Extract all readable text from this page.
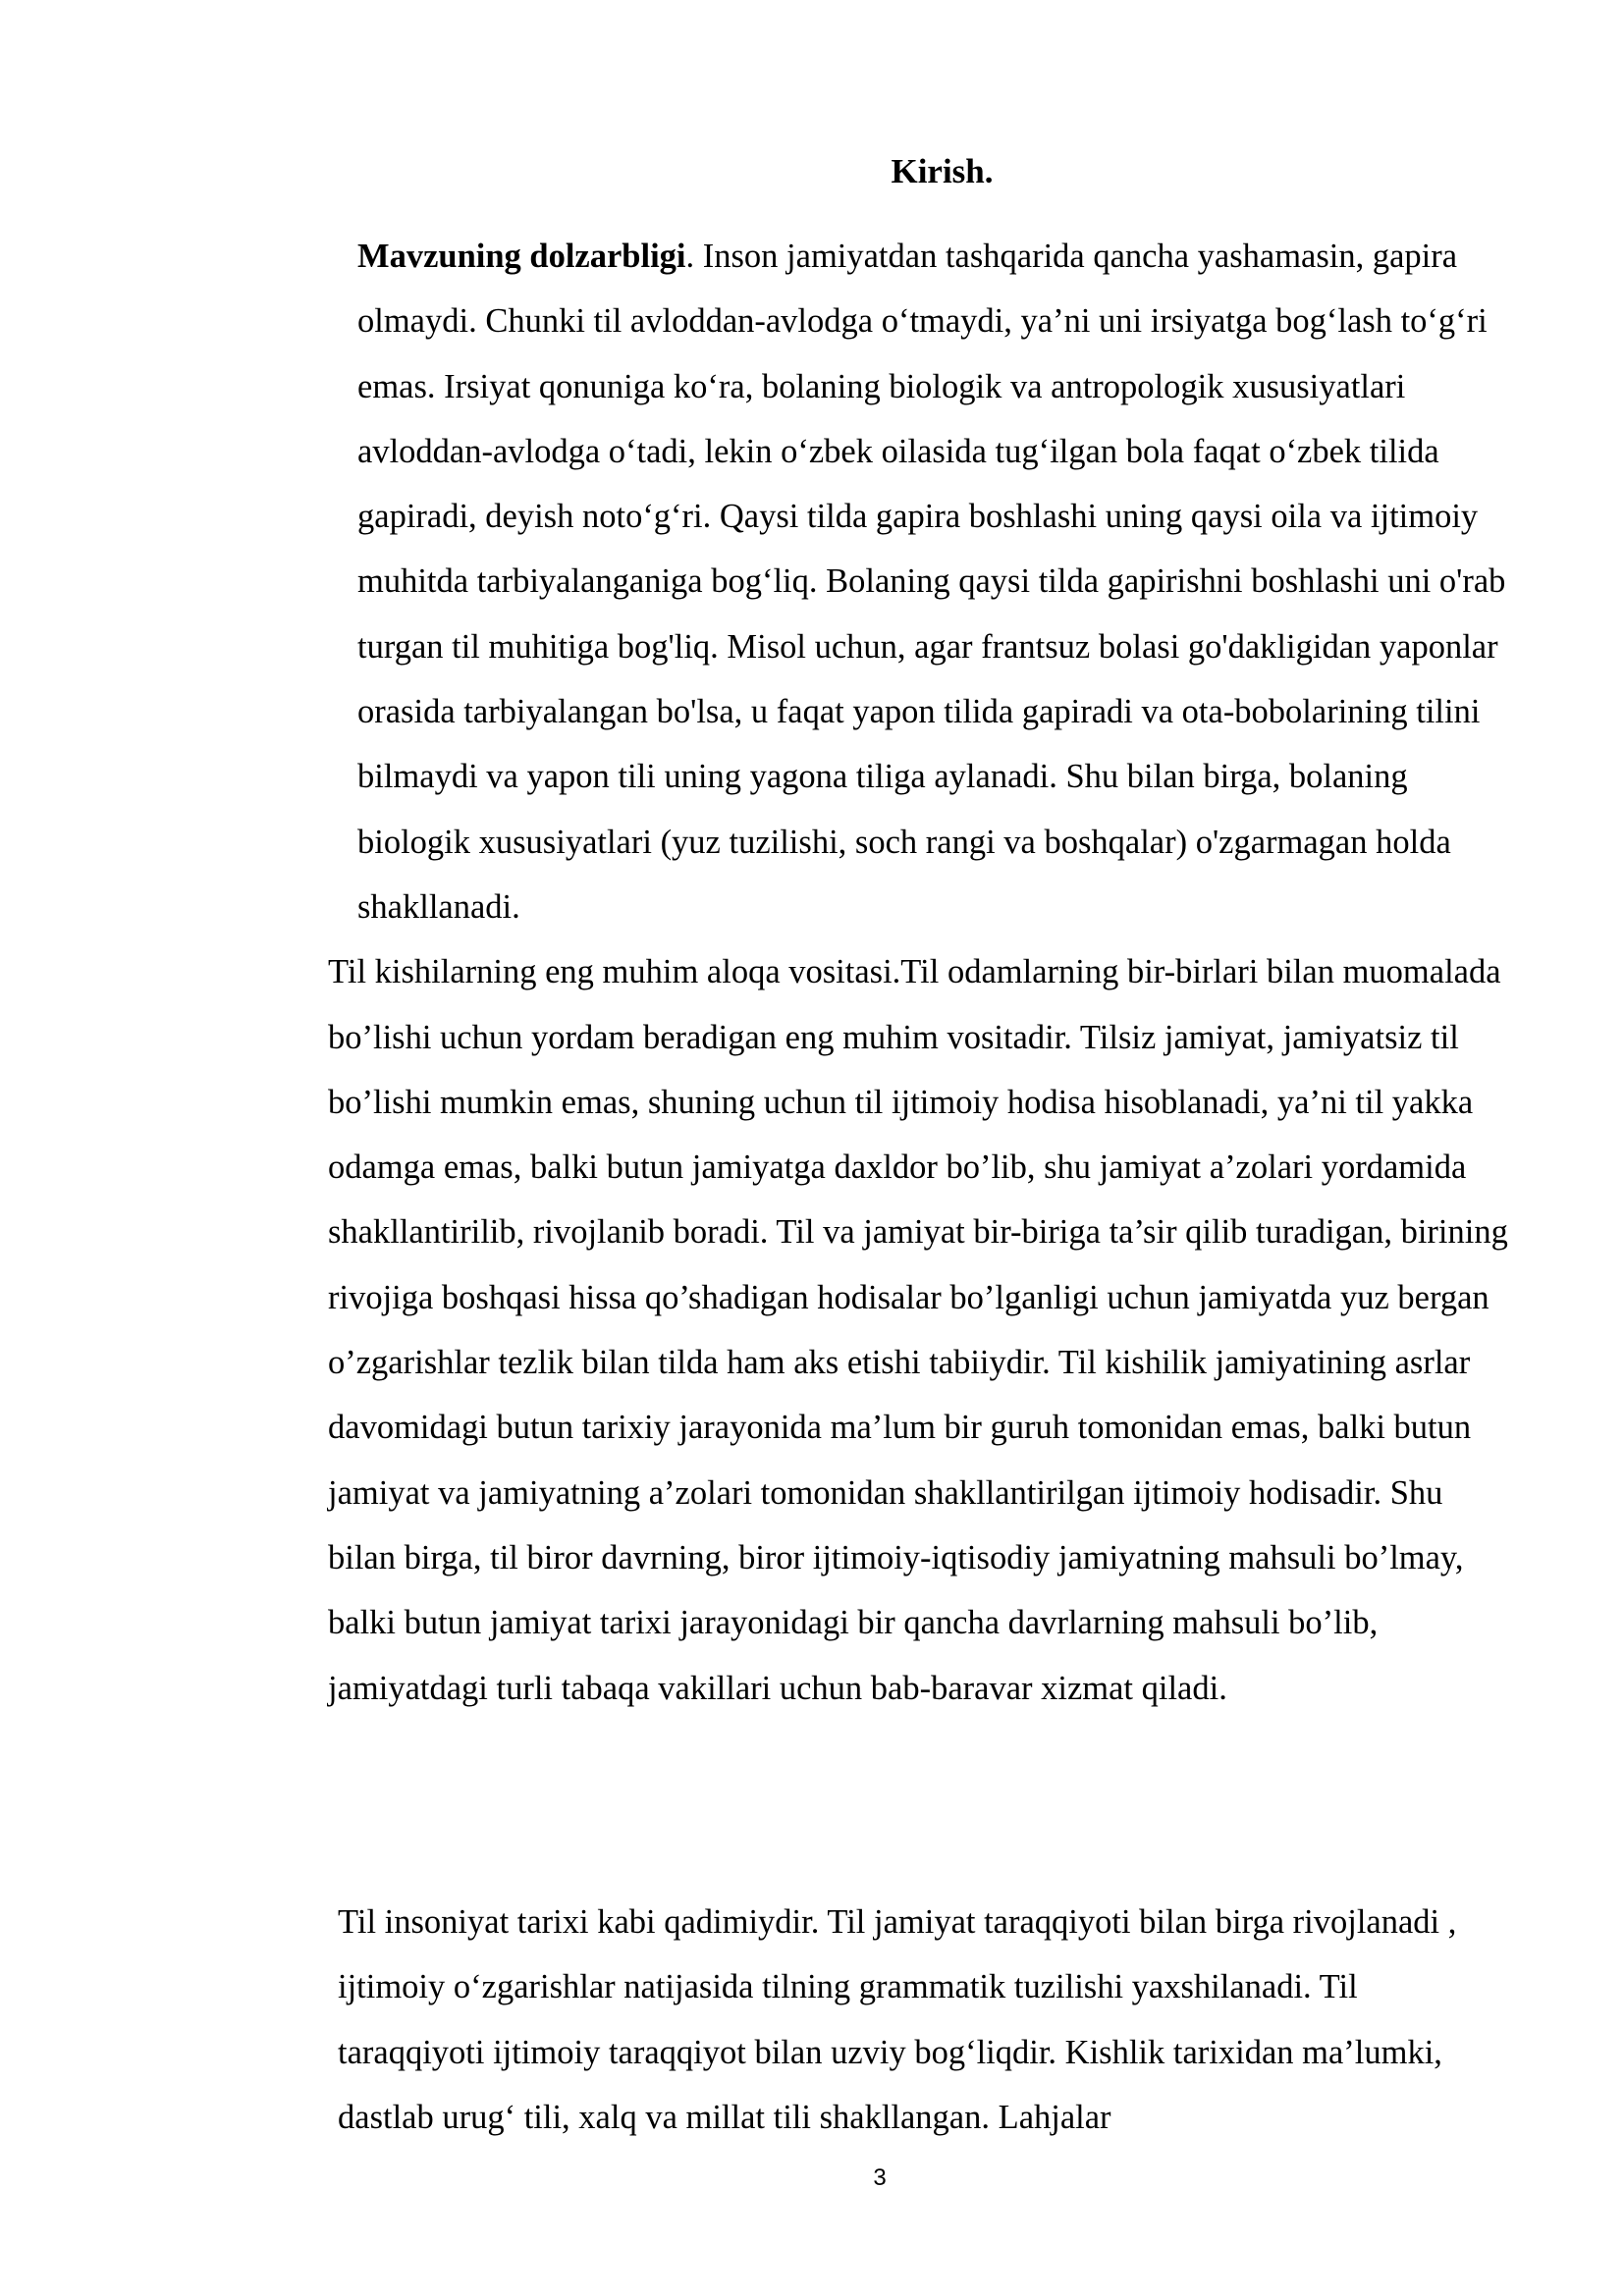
Kirish.

Mavzuning dolzarbligi. Inson jamiyatdan tashqarida qancha yashamasin, gapira olmaydi. Chunki til avloddan-avlodga o‘tmaydi, ya’ni uni irsiyatga bog‘lash to‘g‘ri emas. Irsiyat qonuniga ko‘ra, bolaning biologik va antropologik xususiyatlari avloddan-avlodga o‘tadi, lekin o‘zbek oilasida tug‘ilgan bola faqat o‘zbek tilida gapiradi, deyish noto‘g‘ri. Qaysi tilda gapira boshlashi uning qaysi oila va ijtimoiy muhitda tarbiyalanganiga bog‘liq. Bolaning qaysi tilda gapirishni boshlashi uni o'rab turgan til muhitiga bog'liq. Misol uchun, agar frantsuz bolasi go'dakligidan yaponlar orasida tarbiyalangan bo'lsa, u faqat yapon tilida gapiradi va ota-bobolarining tilini bilmaydi va yapon tili uning yagona tiliga aylanadi. Shu bilan birga, bolaning biologik xususiyatlari (yuz tuzilishi, soch rangi va boshqalar) o'zgarmagan holda shakllanadi.

Til kishilarning eng muhim aloqa vositasi.Til odamlarning bir-birlari bilan muomalada bo’lishi uchun yordam beradigan eng muhim vositadir. Tilsiz jamiyat, jamiyatsiz til bo’lishi mumkin emas, shuning uchun til ijtimoiy hodisa hisoblanadi, ya’ni til yakka odamga emas, balki butun jamiyatga daxldor bo’lib, shu jamiyat a’zolari yordamida shakllantirilib, rivojlanib boradi. Til va jamiyat bir-biriga ta’sir qilib turadigan, birining rivojiga boshqasi hissa qo’shadigan hodisalar bo’lganligi uchun jamiyatda yuz bergan o’zgarishlar tezlik bilan tilda ham aks etishi tabiiydir. Til kishilik jamiyatining asrlar davomidagi butun tarixiy jarayonida ma’lum bir guruh tomonidan emas, balki butun jamiyat va jamiyatning a’zolari tomonidan shakllantirilgan ijtimoiy hodisadir. Shu bilan birga, til biror davrning, biror ijtimoiy-iqtisodiy jamiyatning mahsuli bo’lmay, balki butun jamiyat tarixi jarayonidagi bir qancha davrlarning mahsuli bo’lib, jamiyatdagi turli tabaqa vakillari uchun bab-baravar xizmat qiladi.

Til insoniyat tarixi kabi qadimiydir. Til jamiyat taraqqiyoti bilan birga rivojlanadi , ijtimoiy o‘zgarishlar natijasida tilning grammatik tuzilishi yaxshilanadi. Til taraqqiyoti ijtimoiy taraqqiyot bilan uzviy bog‘liqdir. Kishlik tarixidan ma’lumki, dastlab urug‘ tili, xalq va millat tili shakllangan. Lahjalar

3
